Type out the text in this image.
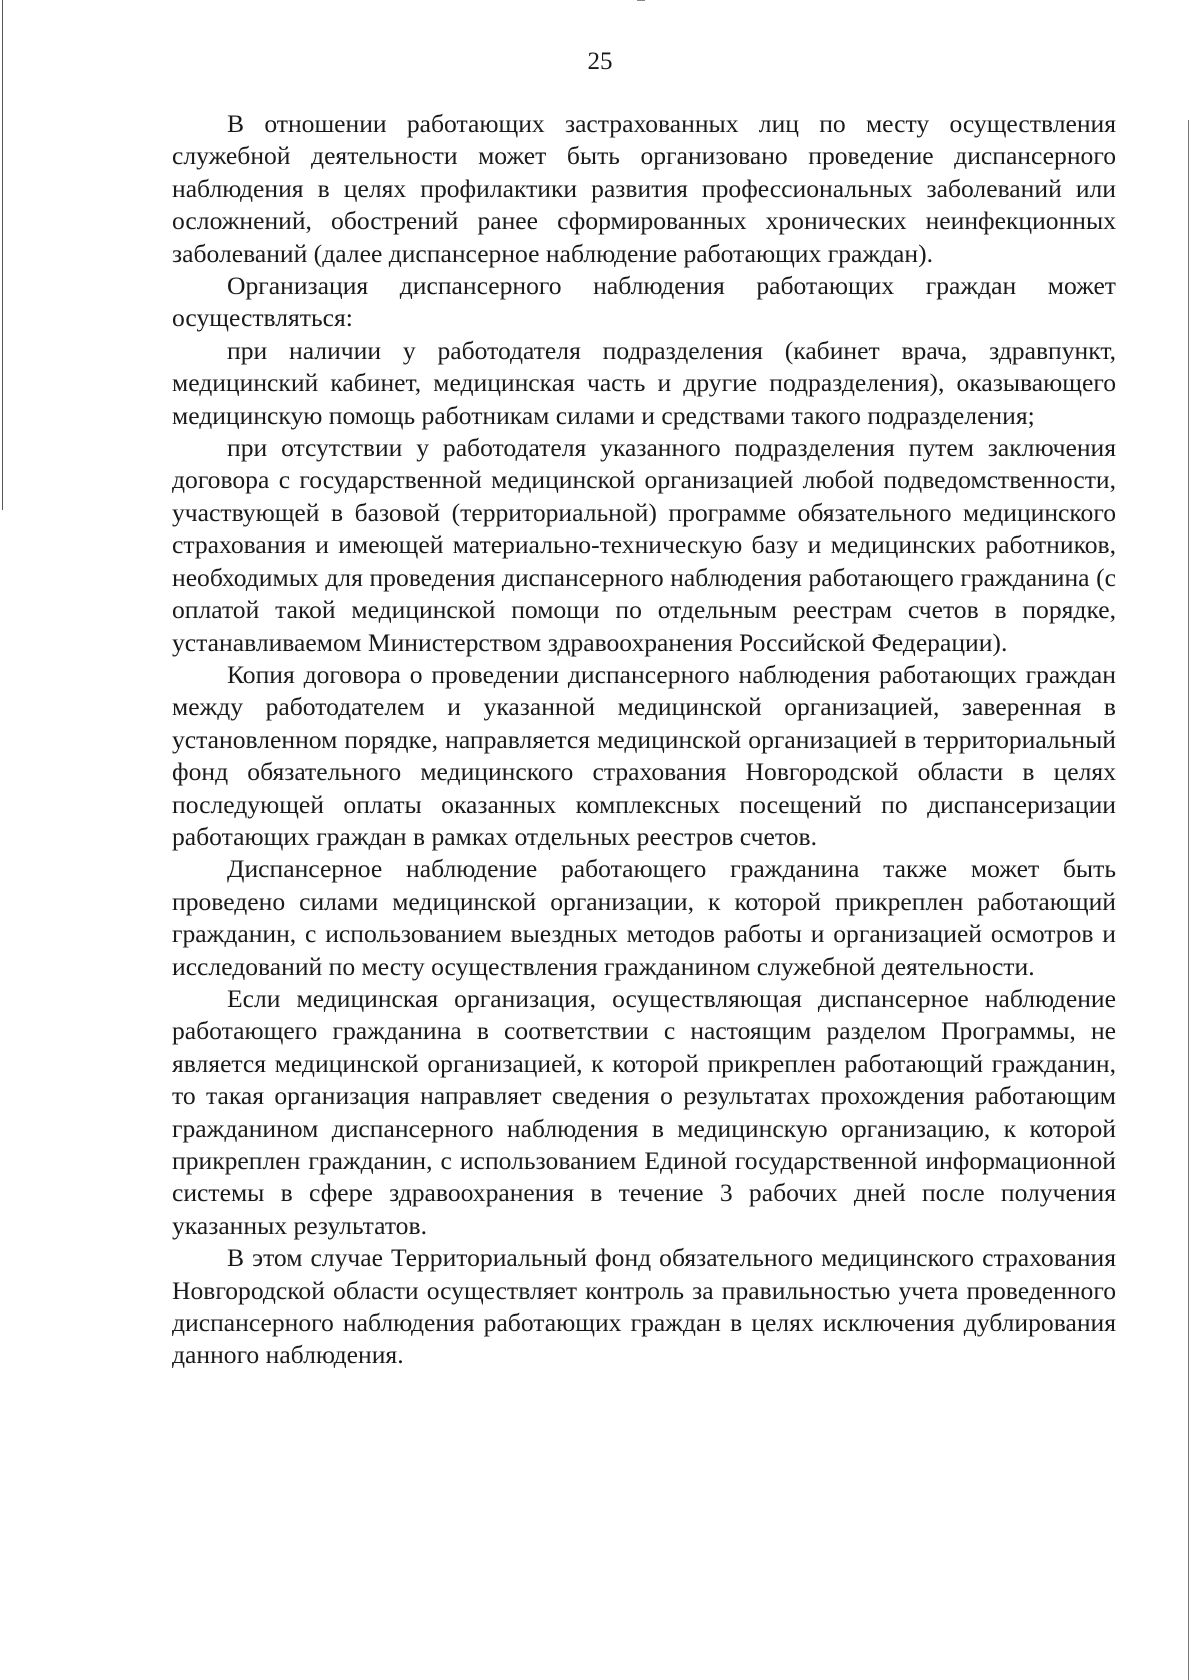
25

В отношении работающих застрахованных лиц по месту осуществления служебной деятельности может быть организовано проведение диспансерного наблюдения в целях профилактики развития профессиональных заболеваний или осложнений, обострений ранее сформированных хронических неинфекционных заболеваний (далее диспансерное наблюдение работающих граждан).

Организация диспансерного наблюдения работающих граждан может осуществляться:

при наличии у работодателя подразделения (кабинет врача, здравпункт, медицинский кабинет, медицинская часть и другие подразделения), оказывающего медицинскую помощь работникам силами и средствами такого подразделения;

при отсутствии у работодателя указанного подразделения путем заключения договора с государственной медицинской организацией любой подведомственности, участвующей в базовой (территориальной) программе обязательного медицинского страхования и имеющей материально-техническую базу и медицинских работников, необходимых для проведения диспансерного наблюдения работающего гражданина (с оплатой такой медицинской помощи по отдельным реестрам счетов в порядке, устанавливаемом Министерством здравоохранения Российской Федерации).

Копия договора о проведении диспансерного наблюдения работающих граждан между работодателем и указанной медицинской организацией, заверенная в установленном порядке, направляется медицинской организацией в территориальный фонд обязательного медицинского страхования Новгородской области в целях последующей оплаты оказанных комплексных посещений по диспансеризации работающих граждан в рамках отдельных реестров счетов.

Диспансерное наблюдение работающего гражданина также может быть проведено силами медицинской организации, к которой прикреплен работающий гражданин, с использованием выездных методов работы и организацией осмотров и исследований по месту осуществления гражданином служебной деятельности.

Если медицинская организация, осуществляющая диспансерное наблюдение работающего гражданина в соответствии с настоящим разделом Программы, не является медицинской организацией, к которой прикреплен работающий гражданин, то такая организация направляет сведения о результатах прохождения работающим гражданином диспансерного наблюдения в медицинскую организацию, к которой прикреплен гражданин, с использованием Единой государственной информационной системы в сфере здравоохранения в течение 3 рабочих дней после получения указанных результатов.

В этом случае Территориальный фонд обязательного медицинского страхования Новгородской области осуществляет контроль за правильностью учета проведенного диспансерного наблюдения работающих граждан в целях исключения дублирования данного наблюдения.
